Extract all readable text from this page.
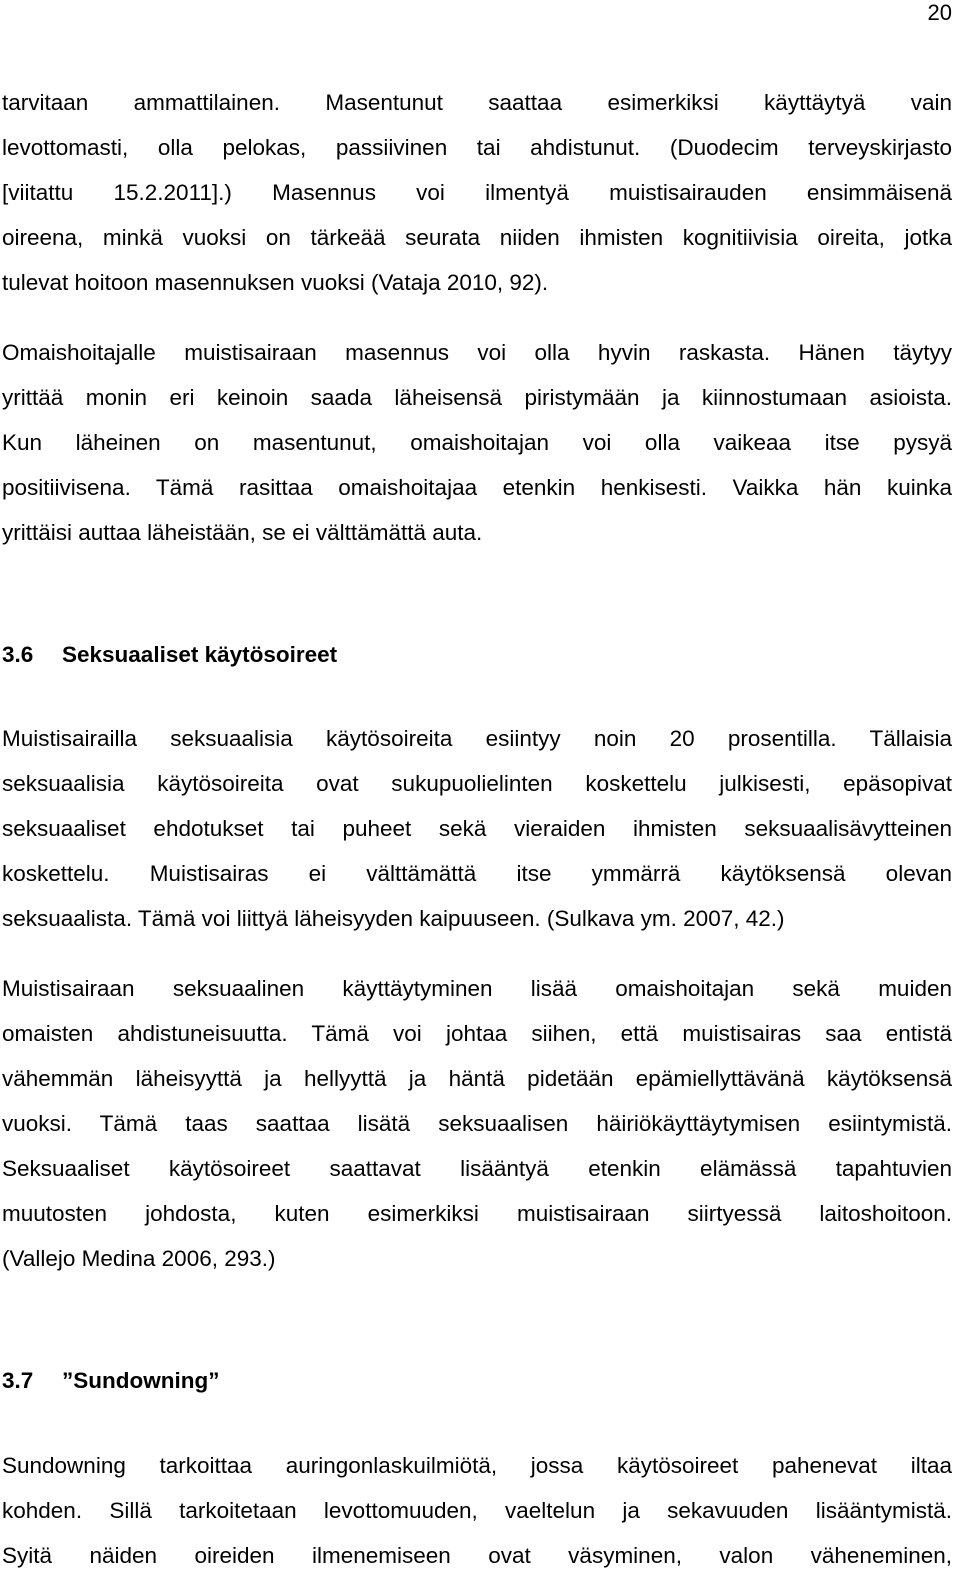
20

tarvitaan ammattilainen. Masentunut saattaa esimerkiksi käyttäytyä vain
levottomasti, olla pelokas, passiivinen tai ahdistunut. (Duodecim terveyskirjasto
[viitattu 15.2.2011].) Masennus voi ilmentyä muistisairauden ensimmäisenä
oireena, minkä vuoksi on tärkeää seurata niiden ihmisten kognitiivisia oireita, jotka
tulevat hoitoon masennuksen vuoksi (Vataja 2010, 92).

Omaishoitajalle muistisairaan masennus voi olla hyvin raskasta. Hänen täytyy
yrittää monin eri keinoin saada läheisensä piristymään ja kiinnostumaan asioista.
Kun läheinen on masentunut, omaishoitajan voi olla vaikeaa itse pysyä
positiivisena. Tämä rasittaa omaishoitajaa etenkin henkisesti. Vaikka hän kuinka
yrittäisi auttaa läheistään, se ei välttämättä auta.

3.6 Seksuaaliset käytösoireet

Muistisairailla seksuaalisia käytösoireita esiintyy noin 20 prosentilla. Tällaisia
seksuaalisia käytösoireita ovat sukupuolielinten koskettelu julkisesti, epäsopivat
seksuaaliset ehdotukset tai puheet sekä vieraiden ihmisten seksuaalisävytteinen
koskettelu. Muistisairas ei välttämättä itse ymmärrä käytöksensä olevan
seksuaalista. Tämä voi liittyä läheisyyden kaipuuseen. (Sulkava ym. 2007, 42.)

Muistisairaan seksuaalinen käyttäytyminen lisää omaishoitajan sekä muiden
omaisten ahdistuneisuutta. Tämä voi johtaa siihen, että muistisairas saa entistä
vähemmän läheisyyttä ja hellyyttä ja häntä pidetään epämiellyttävänä käytöksensä
vuoksi. Tämä taas saattaa lisätä seksuaalisen häiriökäyttäytymisen esiintymistä.
Seksuaaliset käytösoireet saattavat lisääntyä etenkin elämässä tapahtuvien
muutosten johdosta, kuten esimerkiksi muistisairaan siirtyessä laitoshoitoon.
(Vallejo Medina 2006, 293.)

3.7 ”Sundowning”

Sundowning tarkoittaa auringonlaskuilmiötä, jossa käytösoireet pahenevat iltaa
kohden. Sillä tarkoitetaan levottomuuden, vaeltelun ja sekavuuden lisääntymistä.
Syitä näiden oireiden ilmenemiseen ovat väsyminen, valon väheneminen,
